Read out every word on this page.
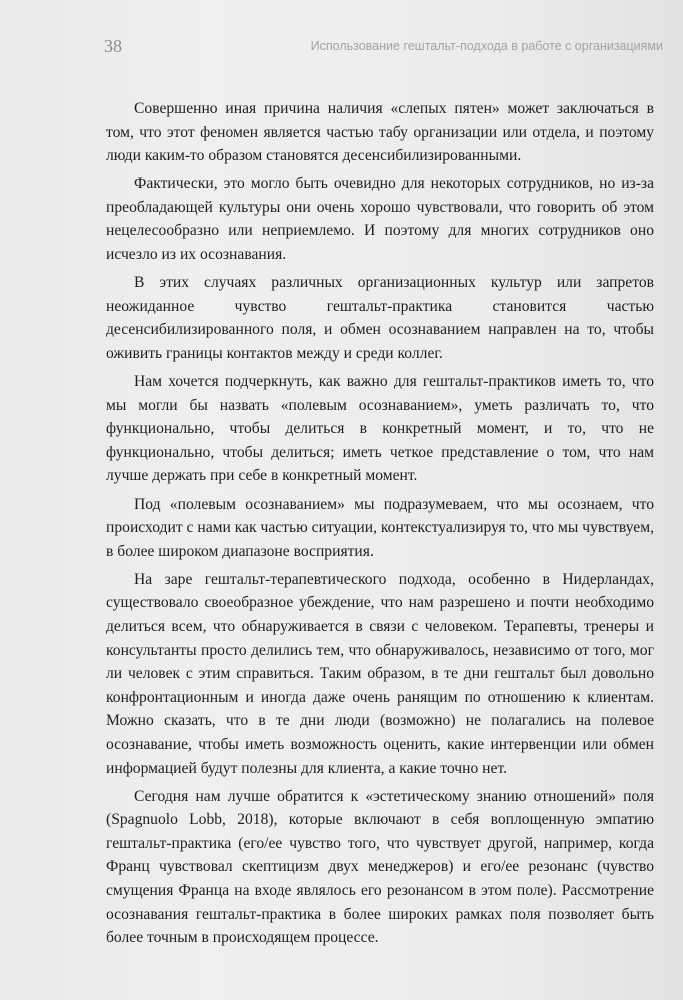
38	Использование гештальт-подхода в работе с организациями

Совершенно иная причина наличия «слепых пятен» может заключаться в том, что этот феномен является частью табу организации или отдела, и поэтому люди каким-то образом становятся десенсибилизированными.

Фактически, это могло быть очевидно для некоторых сотрудников, но из-за преобладающей культуры они очень хорошо чувствовали, что говорить об этом нецелесообразно или неприемлемо. И поэтому для многих сотрудников оно исчезло из их осознавания.

В этих случаях различных организационных культур или запретов неожиданное чувство гештальт-практика становится частью десенсибилизированного поля, и обмен осознаванием направлен на то, чтобы оживить границы контактов между и среди коллег.

Нам хочется подчеркнуть, как важно для гештальт-практиков иметь то, что мы могли бы назвать «полевым осознаванием», уметь различать то, что функционально, чтобы делиться в конкретный момент, и то, что не функционально, чтобы делиться; иметь четкое представление о том, что нам лучше держать при себе в конкретный момент.

Под «полевым осознаванием» мы подразумеваем, что мы осознаем, что происходит с нами как частью ситуации, контекстуализируя то, что мы чувствуем, в более широком диапазоне восприятия.

На заре гештальт-терапевтического подхода, особенно в Нидерландах, существовало своеобразное убеждение, что нам разрешено и почти необходимо делиться всем, что обнаруживается в связи с человеком. Терапевты, тренеры и консультанты просто делились тем, что обнаруживалось, независимо от того, мог ли человек с этим справиться. Таким образом, в те дни гештальт был довольно конфронтационным и иногда даже очень ранящим по отношению к клиентам. Можно сказать, что в те дни люди (возможно) не полагались на полевое осознавание, чтобы иметь возможность оценить, какие интервенции или обмен информацией будут полезны для клиента, а какие точно нет.

Сегодня нам лучше обратится к «эстетическому знанию отношений» поля (Spagnuolo Lobb, 2018), которые включают в себя воплощенную эмпатию гештальт-практика (его/ее чувство того, что чувствует другой, например, когда Франц чувствовал скептицизм двух менеджеров) и его/ее резонанс (чувство смущения Франца на входе являлось его резонансом в этом поле). Рассмотрение осознавания гештальт-практика в более широких рамках поля позволяет быть более точным в происходящем процессе.
